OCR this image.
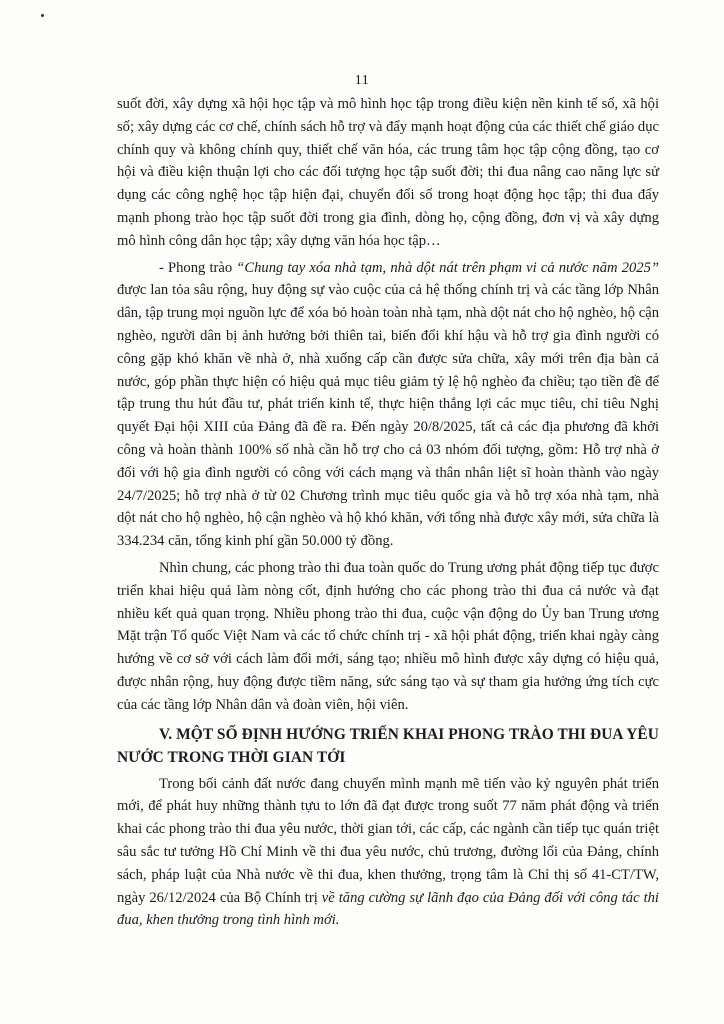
11

suốt đời, xây dựng xã hội học tập và mô hình học tập trong điều kiện nền kinh tế số, xã hội số; xây dựng các cơ chế, chính sách hỗ trợ và đẩy mạnh hoạt động của các thiết chế giáo dục chính quy và không chính quy, thiết chế văn hóa, các trung tâm học tập cộng đồng, tạo cơ hội và điều kiện thuận lợi cho các đối tượng học tập suốt đời; thi đua nâng cao năng lực sử dụng các công nghệ học tập hiện đại, chuyển đổi số trong hoạt động học tập; thi đua đẩy mạnh phong trào học tập suốt đời trong gia đình, dòng họ, cộng đồng, đơn vị và xây dựng mô hình công dân học tập; xây dựng văn hóa học tập…

- Phong trào “Chung tay xóa nhà tạm, nhà dột nát trên phạm vi cả nước năm 2025” được lan tỏa sâu rộng, huy động sự vào cuộc của cả hệ thống chính trị và các tầng lớp Nhân dân, tập trung mọi nguồn lực để xóa bỏ hoàn toàn nhà tạm, nhà dột nát cho hộ nghèo, hộ cận nghèo, người dân bị ảnh hưởng bởi thiên tai, biến đổi khí hậu và hỗ trợ gia đình người có công gặp khó khăn về nhà ở, nhà xuống cấp cần được sửa chữa, xây mới trên địa bàn cả nước, góp phần thực hiện có hiệu quả mục tiêu giảm tỷ lệ hộ nghèo đa chiều; tạo tiền đề để tập trung thu hút đầu tư, phát triển kinh tế, thực hiện thắng lợi các mục tiêu, chỉ tiêu Nghị quyết Đại hội XIII của Đảng đã đề ra. Đến ngày 20/8/2025, tất cả các địa phương đã khởi công và hoàn thành 100% số nhà cần hỗ trợ cho cả 03 nhóm đối tượng, gồm: Hỗ trợ nhà ở đối với hộ gia đình người có công với cách mạng và thân nhân liệt sĩ hoàn thành vào ngày 24/7/2025; hỗ trợ nhà ở từ 02 Chương trình mục tiêu quốc gia và hỗ trợ xóa nhà tạm, nhà dột nát cho hộ nghèo, hộ cận nghèo và hộ khó khăn, với tổng nhà được xây mới, sửa chữa là 334.234 căn, tổng kinh phí gần 50.000 tỷ đồng.

Nhìn chung, các phong trào thi đua toàn quốc do Trung ương phát động tiếp tục được triển khai hiệu quả làm nòng cốt, định hướng cho các phong trào thi đua cả nước và đạt nhiều kết quả quan trọng. Nhiều phong trào thi đua, cuộc vận động do Ủy ban Trung ương Mặt trận Tổ quốc Việt Nam và các tổ chức chính trị - xã hội phát động, triển khai ngày càng hướng về cơ sở với cách làm đổi mới, sáng tạo; nhiều mô hình được xây dựng có hiệu quả, được nhân rộng, huy động được tiềm năng, sức sáng tạo và sự tham gia hưởng ứng tích cực của các tầng lớp Nhân dân và đoàn viên, hội viên.

V. MỘT SỐ ĐỊNH HƯỚNG TRIỂN KHAI PHONG TRÀO THI ĐUA YÊU NƯỚC TRONG THỜI GIAN TỚI

Trong bối cảnh đất nước đang chuyển mình mạnh mẽ tiến vào kỷ nguyên phát triển mới, để phát huy những thành tựu to lớn đã đạt được trong suốt 77 năm phát động và triển khai các phong trào thi đua yêu nước, thời gian tới, các cấp, các ngành cần tiếp tục quán triệt sâu sắc tư tưởng Hồ Chí Minh về thi đua yêu nước, chủ trương, đường lối của Đảng, chính sách, pháp luật của Nhà nước về thi đua, khen thưởng, trọng tâm là Chỉ thị số 41-CT/TW, ngày 26/12/2024 của Bộ Chính trị về tăng cường sự lãnh đạo của Đảng đối với công tác thi đua, khen thưởng trong tình hình mới.
